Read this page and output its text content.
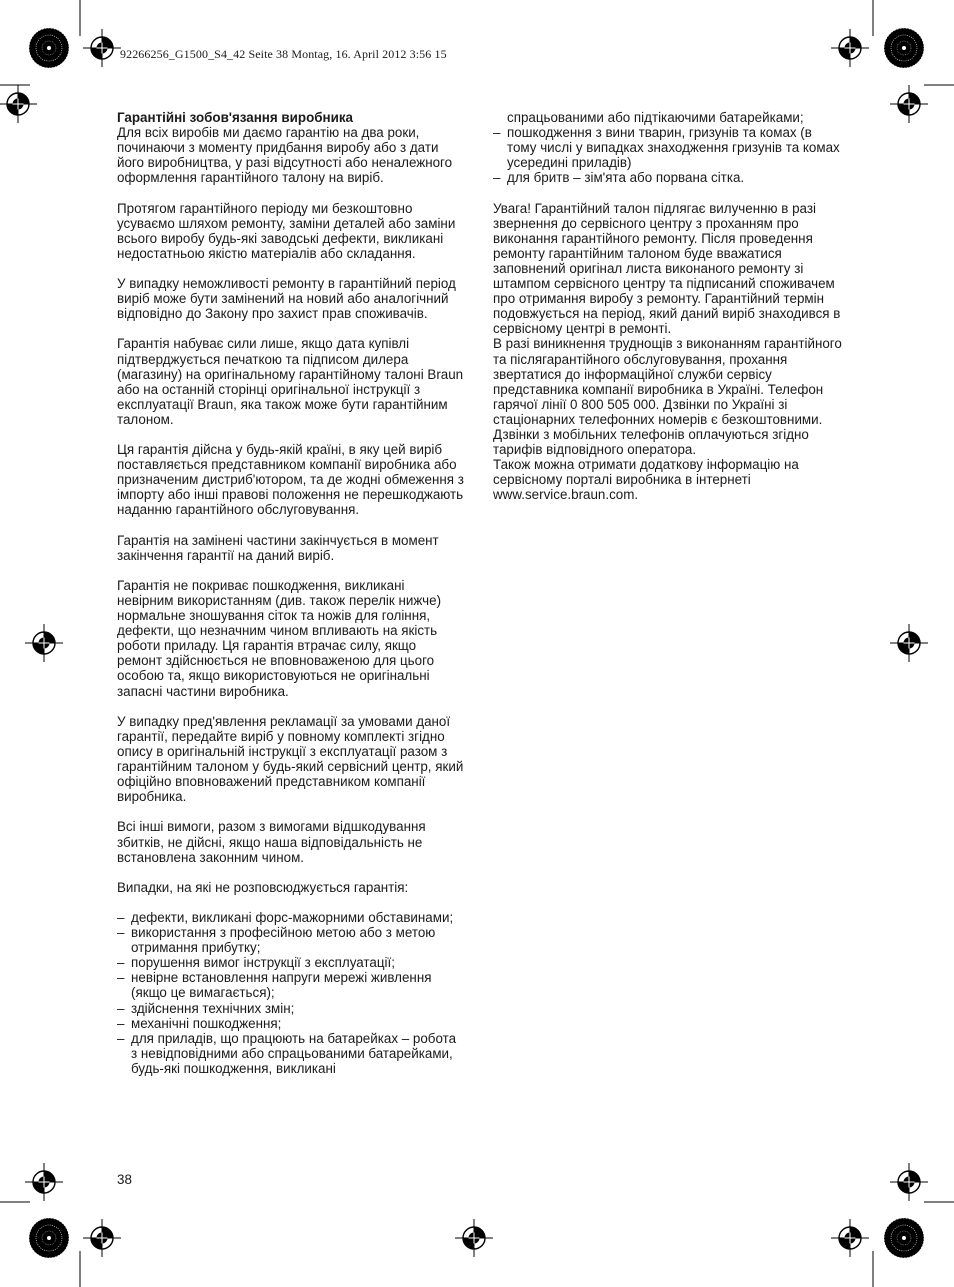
92266256_G1500_S4_42 Seite 38 Montag, 16. April 2012 3:56 15
Гарантійні зобов'язання виробника

Для всіх виробів ми даємо гарантію на два роки, починаючи з моменту придбання виробу або з дати його виробництва, у разі відсутності або неналежного оформлення гарантійного талону на виріб.

Протягом гарантійного періоду ми безкоштовно усуваємо шляхом ремонту, заміни деталей або заміни всього виробу будь-які заводські дефекти, викликані недостатньою якістю матеріалів або складання.

У випадку неможливості ремонту в гарантійний період виріб може бути замінений на новий або аналогічний відповідно до Закону про захист прав споживачів.

Гарантія набуває сили лише, якщо дата купівлі підтверджується печаткою та підписом дилера (магазину) на оригінальному гарантійному талоні Braun або на останній сторінці оригінальної інструкції з експлуатації Braun, яка також може бути гарантійним талоном.

Ця гарантія дійсна у будь-якій країні, в яку цей виріб поставляється представником компанії виробника або призначеним дистриб'ютором, та де жодні обмеження з імпорту або інші правові положення не перешкоджають наданню гарантійного обслуговування.

Гарантія на замінені частини закінчується в момент закінчення гарантії на даний виріб.

Гарантія не покриває пошкодження, викликані невірним використанням (див. також перелік нижче) нормальне зношування сіток та ножів для гоління, дефекти, що незначним чином впливають на якість роботи приладу. Ця гарантія втрачає силу, якщо ремонт здійснюється не вповноваженою для цього особою та, якщо використовуються не оригінальні запасні частини виробника.

У випадку пред'явлення рекламації за умовами даної гарантії, передайте виріб у повному комплекті згідно опису в оригінальній інструкції з експлуатації разом з гарантійним талоном у будь-який сервісний центр, який офіційно вповноважений представником компанії виробника.

Всі інші вимоги, разом з вимогами відшкодування збитків, не дійсні, якщо наша відповідальність не встановлена законним чином.

Випадки, на які не розповсюджується гарантія:

– дефекти, викликані форс-мажорними обставинами;
– використання з професійною метою або з метою отримання прибутку;
– порушення вимог інструкції з експлуатації;
– невірне встановлення напруги мережі живлення (якщо це вимагається);
– здійснення технічних змін;
– механічні пошкодження;
– для приладів, що працюють на батарейках – робота з невідповідними або спрацьованими батарейками, будь-які пошкодження, викликані
спрацьованими або підтікаючими батарейками;
– пошкодження з вини тварин, гризунів та комах (в тому числі у випадках знаходження гризунів та комах усередині приладів)
– для бритв – зім'ята або порвана сітка.

Увага! Гарантійний талон підлягає вилученню в разі звернення до сервісного центру з проханням про виконання гарантійного ремонту. Після проведення ремонту гарантійним талоном буде вважатися заповнений оригінал листа виконаного ремонту зі штампом сервісного центру та підписаний споживачем про отримання виробу з ремонту. Гарантійний термін подовжується на період, який даний виріб знаходився в сервісному центрі в ремонті.

В разі виникнення труднощів з виконанням гарантійного та післягарантійного обслуговування, прохання звертатися до інформаційної служби сервісу представника компанії виробника в Україні. Телефон гарячої лінії 0 800 505 000. Дзвінки по Україні зі стаціонарних телефонних номерів є безкоштовними. Дзвінки з мобільних телефонів оплачуються згідно тарифів відповідного оператора.

Також можна отримати додаткову інформацію на сервісному порталі виробника в інтернеті www.service.braun.com.

38
